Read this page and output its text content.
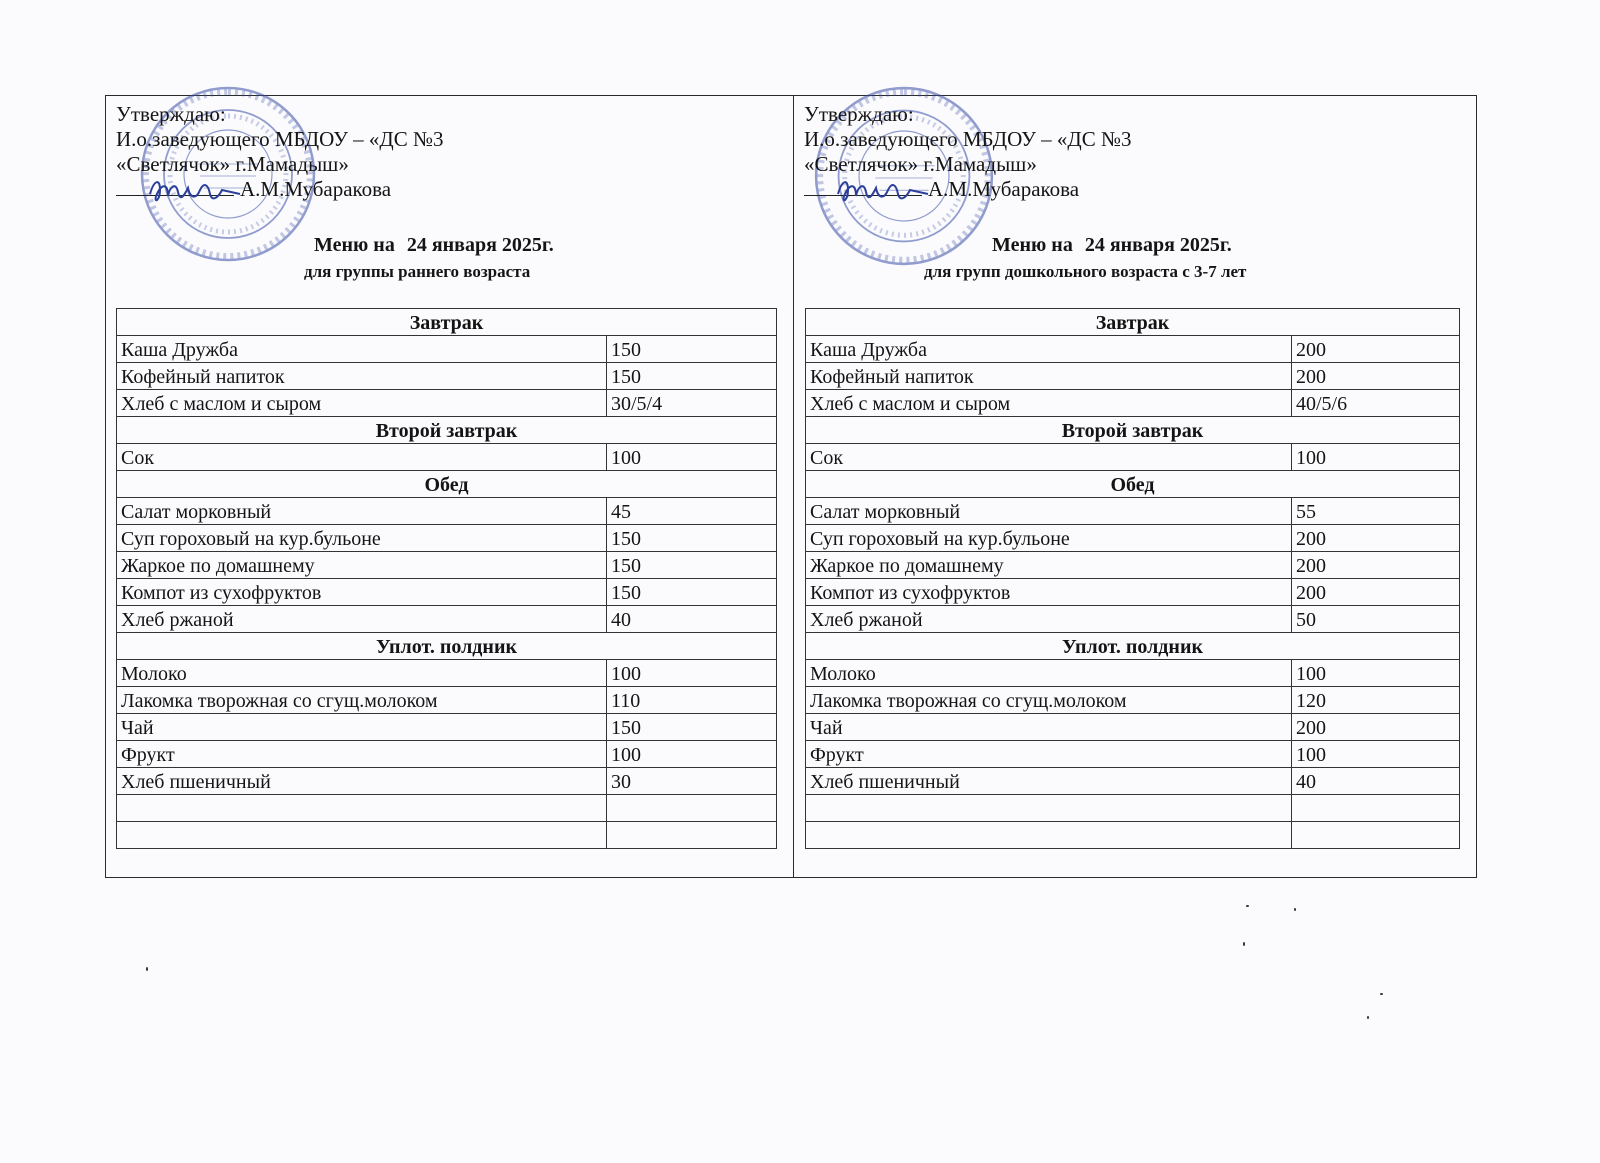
Утверждаю:
И.о.заведующего МБДОУ – «ДС №3
«Светлячок» г.Мамадыш»
А.М.Мубаракова
Меню на 24 января 2025г.
для группы раннего возраста
Завтрак	
Каша Дружба	150
Кофейный напиток	150
Хлеб с маслом и сыром	30/5/4
Второй завтрак	
Сок	100
Обед	
Салат морковный	45
Суп гороховый на кур.бульоне	150
Жаркое по домашнему	150
Компот из сухофруктов	150
Хлеб ржаной	40
Уплот. полдник	
Молоко	100
Лакомка творожная со сгущ.молоком	110
Чай	150
Фрукт	100
Хлеб пшеничный	30

Утверждаю:
И.о.заведующего МБДОУ – «ДС №3
«Светлячок» г.Мамадыш»
А.М.Мубаракова
Меню на 24 января 2025г.
для групп дошкольного возраста с 3-7 лет
Завтрак	
Каша Дружба	200
Кофейный напиток	200
Хлеб с маслом и сыром	40/5/6
Второй завтрак	
Сок	100
Обед	
Салат морковный	55
Суп гороховый на кур.бульоне	200
Жаркое по домашнему	200
Компот из сухофруктов	200
Хлеб ржаной	50
Уплот. полдник	
Молоко	100
Лакомка творожная со сгущ.молоком	120
Чай	200
Фрукт	100
Хлеб пшеничный	40
